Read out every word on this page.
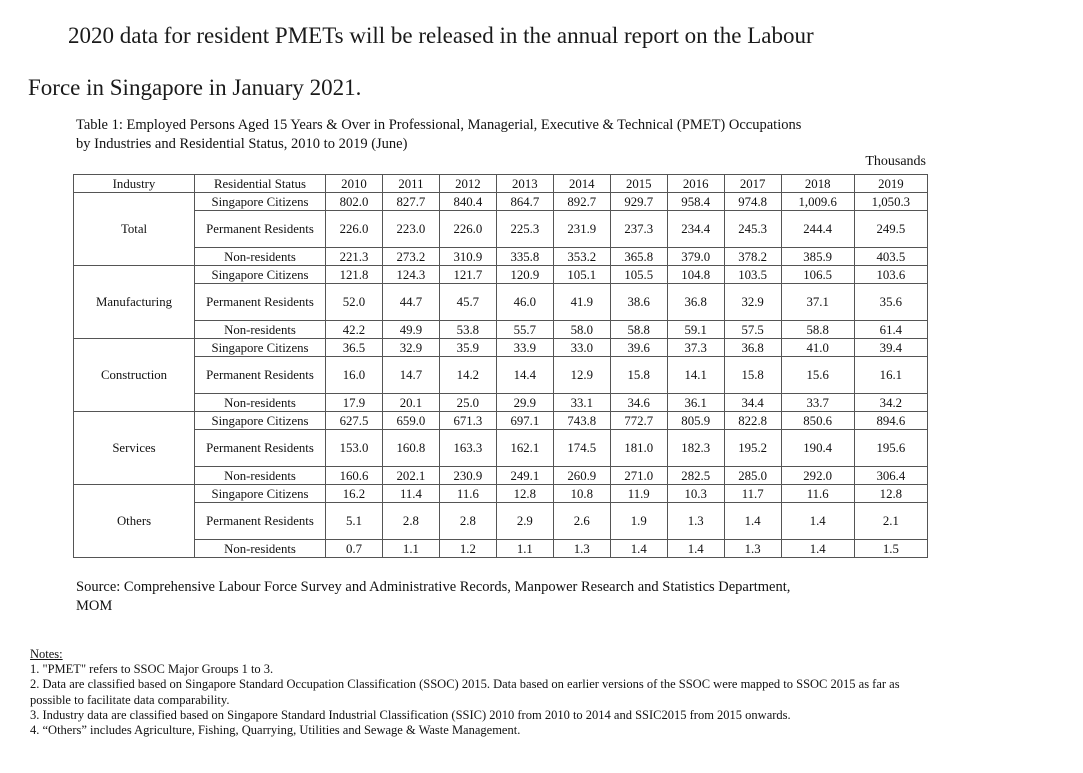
2020 data for resident PMETs will be released in the annual report on the Labour
Force in Singapore in January 2021.
Table 1: Employed Persons Aged 15 Years & Over in Professional, Managerial, Executive & Technical (PMET) Occupations
by Industries and Residential Status, 2010 to 2019 (June)
Thousands
Industry	Residential Status	2010	2011	2012	2013	2014	2015	2016	2017	2018	2019
Total	Singapore Citizens	802.0	827.7	840.4	864.7	892.7	929.7	958.4	974.8	1,009.6	1,050.3
	Permanent Residents	226.0	223.0	226.0	225.3	231.9	237.3	234.4	245.3	244.4	249.5
	Non-residents	221.3	273.2	310.9	335.8	353.2	365.8	379.0	378.2	385.9	403.5
Manufacturing	Singapore Citizens	121.8	124.3	121.7	120.9	105.1	105.5	104.8	103.5	106.5	103.6
	Permanent Residents	52.0	44.7	45.7	46.0	41.9	38.6	36.8	32.9	37.1	35.6
	Non-residents	42.2	49.9	53.8	55.7	58.0	58.8	59.1	57.5	58.8	61.4
Construction	Singapore Citizens	36.5	32.9	35.9	33.9	33.0	39.6	37.3	36.8	41.0	39.4
	Permanent Residents	16.0	14.7	14.2	14.4	12.9	15.8	14.1	15.8	15.6	16.1
	Non-residents	17.9	20.1	25.0	29.9	33.1	34.6	36.1	34.4	33.7	34.2
Services	Singapore Citizens	627.5	659.0	671.3	697.1	743.8	772.7	805.9	822.8	850.6	894.6
	Permanent Residents	153.0	160.8	163.3	162.1	174.5	181.0	182.3	195.2	190.4	195.6
	Non-residents	160.6	202.1	230.9	249.1	260.9	271.0	282.5	285.0	292.0	306.4
Others	Singapore Citizens	16.2	11.4	11.6	12.8	10.8	11.9	10.3	11.7	11.6	12.8
	Permanent Residents	5.1	2.8	2.8	2.9	2.6	1.9	1.3	1.4	1.4	2.1
	Non-residents	0.7	1.1	1.2	1.1	1.3	1.4	1.4	1.3	1.4	1.5
Source: Comprehensive Labour Force Survey and Administrative Records, Manpower Research and Statistics Department,
MOM
Notes:
1. "PMET" refers to SSOC Major Groups 1 to 3.
2. Data are classified based on Singapore Standard Occupation Classification (SSOC) 2015. Data based on earlier versions of the SSOC were mapped to SSOC 2015 as far as
possible to facilitate data comparability.
3. Industry data are classified based on Singapore Standard Industrial Classification (SSIC) 2010 from 2010 to 2014 and SSIC2015 from 2015 onwards.
4. “Others” includes Agriculture, Fishing, Quarrying, Utilities and Sewage & Waste Management.
